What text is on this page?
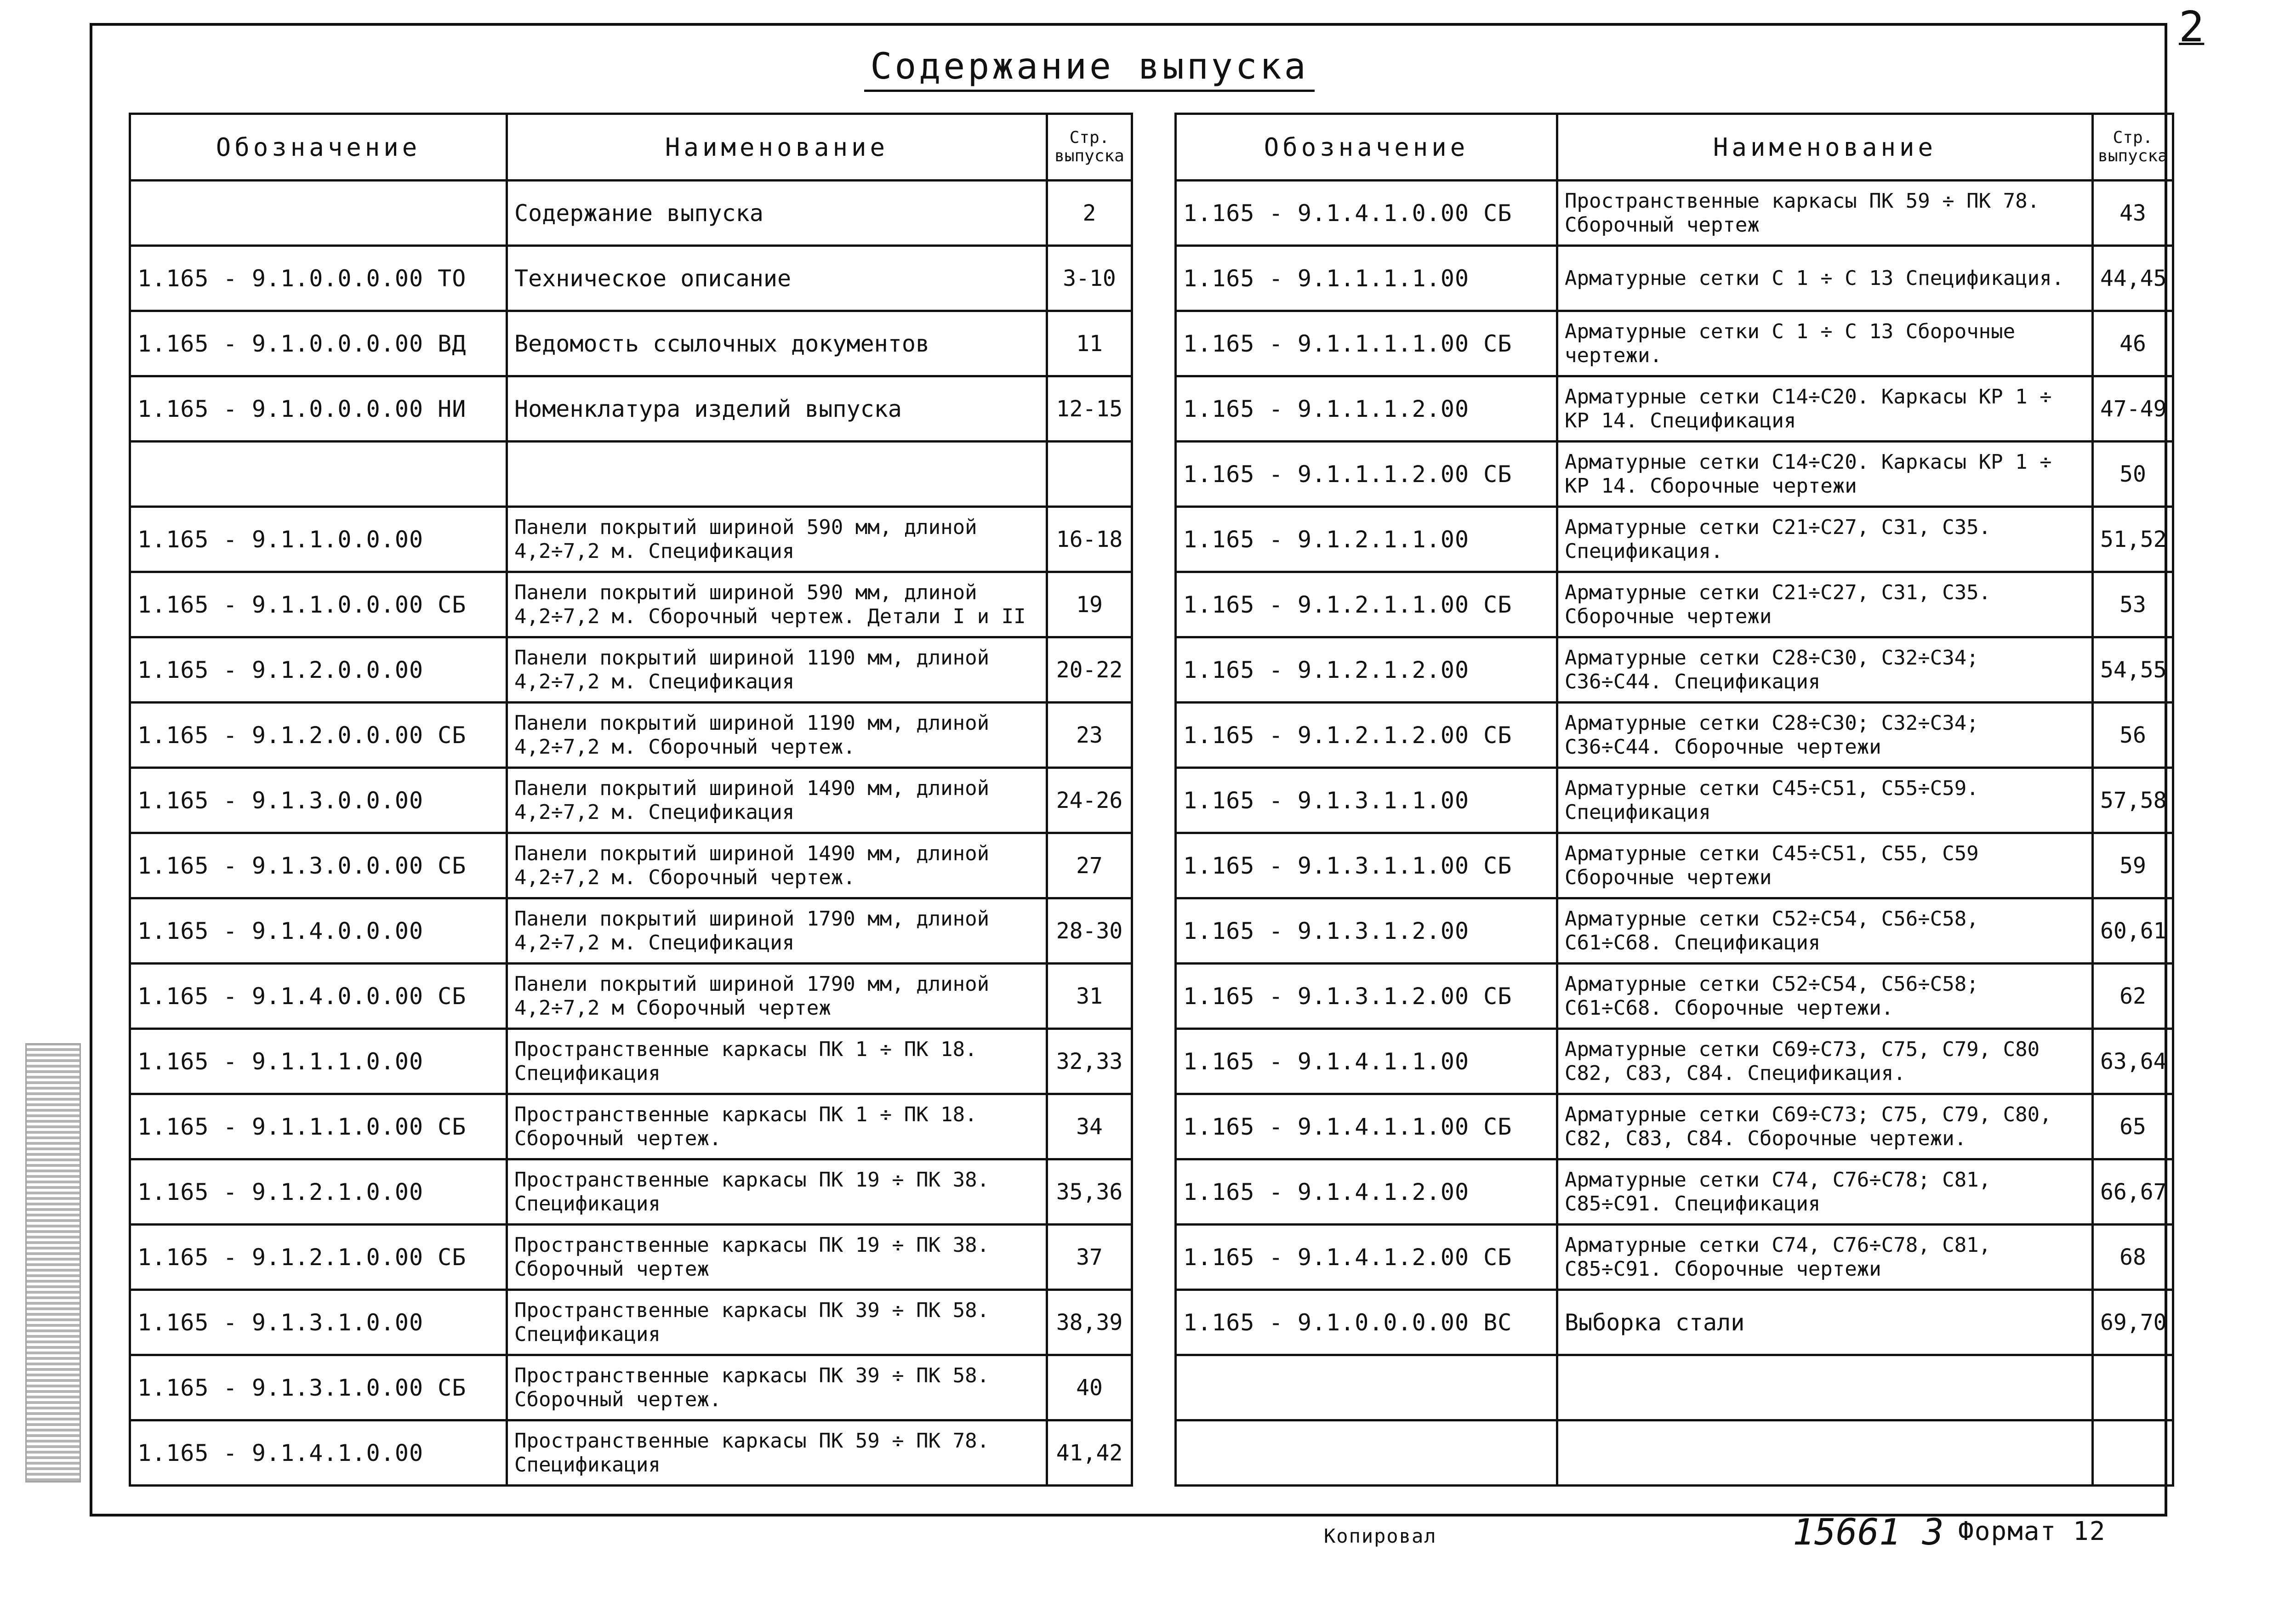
2
Содержание выпуска
Обозначение	Наименование	Стр. выпуска
	Содержание выпуска	2
1.165 - 9.1.0.0.0.00 ТО	Техническое описание	3-10
1.165 - 9.1.0.0.0.00 ВД	Ведомость ссылочных документов	11
1.165 - 9.1.0.0.0.00 НИ	Номенклатура изделий выпуска	12-15

1.165 - 9.1.1.0.0.00	Панели покрытий шириной 590 мм, длиной 4,2÷7,2 м. Спецификация	16-18
1.165 - 9.1.1.0.0.00 СБ	Панели покрытий шириной 590 мм, длиной 4,2÷7,2 м. Сборочный чертеж. Детали I и II	19
1.165 - 9.1.2.0.0.00	Панели покрытий шириной 1190 мм, длиной 4,2÷7,2 м. Спецификация	20-22
1.165 - 9.1.2.0.0.00 СБ	Панели покрытий шириной 1190 мм, длиной 4,2÷7,2 м. Сборочный чертеж.	23
1.165 - 9.1.3.0.0.00	Панели покрытий шириной 1490 мм, длиной 4,2÷7,2 м. Спецификация	24-26
1.165 - 9.1.3.0.0.00 СБ	Панели покрытий шириной 1490 мм, длиной 4,2÷7,2 м. Сборочный чертеж.	27
1.165 - 9.1.4.0.0.00	Панели покрытий шириной 1790 мм, длиной 4,2÷7,2 м. Спецификация	28-30
1.165 - 9.1.4.0.0.00 СБ	Панели покрытий шириной 1790 мм, длиной 4,2÷7,2 м Сборочный чертеж	31
1.165 - 9.1.1.1.0.00	Пространственные каркасы ПК 1 ÷ ПК 18. Спецификация	32,33
1.165 - 9.1.1.1.0.00 СБ	Пространственные каркасы ПК 1 ÷ ПК 18. Сборочный чертеж.	34
1.165 - 9.1.2.1.0.00	Пространственные каркасы ПК 19 ÷ ПК 38. Спецификация	35,36
1.165 - 9.1.2.1.0.00 СБ	Пространственные каркасы ПК 19 ÷ ПК 38. Сборочный чертеж	37
1.165 - 9.1.3.1.0.00	Пространственные каркасы ПК 39 ÷ ПК 58. Спецификация	38,39
1.165 - 9.1.3.1.0.00 СБ	Пространственные каркасы ПК 39 ÷ ПК 58. Сборочный чертеж.	40
1.165 - 9.1.4.1.0.00	Пространственные каркасы ПК 59 ÷ ПК 78. Спецификация	41,42
Обозначение	Наименование	Стр. выпуска
1.165 - 9.1.4.1.0.00 СБ	Пространственные каркасы ПК 59 ÷ ПК 78. Сборочный чертеж	43
1.165 - 9.1.1.1.1.00	Арматурные сетки С 1 ÷ С 13 Спецификация.	44,45
1.165 - 9.1.1.1.1.00 СБ	Арматурные сетки С 1 ÷ С 13 Сборочные чертежи.	46
1.165 - 9.1.1.1.2.00	Арматурные сетки С14÷С20. Каркасы КР 1 ÷ КР 14. Спецификация	47-49
1.165 - 9.1.1.1.2.00 СБ	Арматурные сетки С14÷С20. Каркасы КР 1 ÷ КР 14. Сборочные чертежи	50
1.165 - 9.1.2.1.1.00	Арматурные сетки С21÷С27, С31, С35. Спецификация.	51,52
1.165 - 9.1.2.1.1.00 СБ	Арматурные сетки С21÷С27, С31, С35. Сборочные чертежи	53
1.165 - 9.1.2.1.2.00	Арматурные сетки С28÷С30, С32÷С34; С36÷С44. Спецификация	54,55
1.165 - 9.1.2.1.2.00 СБ	Арматурные сетки С28÷С30; С32÷С34; С36÷С44. Сборочные чертежи	56
1.165 - 9.1.3.1.1.00	Арматурные сетки С45÷С51, С55÷С59. Спецификация	57,58
1.165 - 9.1.3.1.1.00 СБ	Арматурные сетки С45÷С51, С55, С59 Сборочные чертежи	59
1.165 - 9.1.3.1.2.00	Арматурные сетки С52÷С54, С56÷С58, С61÷С68. Спецификация	60,61
1.165 - 9.1.3.1.2.00 СБ	Арматурные сетки С52÷С54, С56÷С58; С61÷С68. Сборочные чертежи.	62
1.165 - 9.1.4.1.1.00	Арматурные сетки С69÷С73, С75, С79, С80 С82, С83, С84. Спецификация.	63,64
1.165 - 9.1.4.1.1.00 СБ	Арматурные сетки С69÷С73; С75, С79, С80, С82, С83, С84. Сборочные чертежи.	65
1.165 - 9.1.4.1.2.00	Арматурные сетки С74, С76÷С78; С81, С85÷С91. Спецификация	66,67
1.165 - 9.1.4.1.2.00 СБ	Арматурные сетки С74, С76÷С78, С81, С85÷С91. Сборочные чертежи	68
1.165 - 9.1.0.0.0.00 ВС	Выборка стали	69,70

Копировал	15661 3 Формат 12
